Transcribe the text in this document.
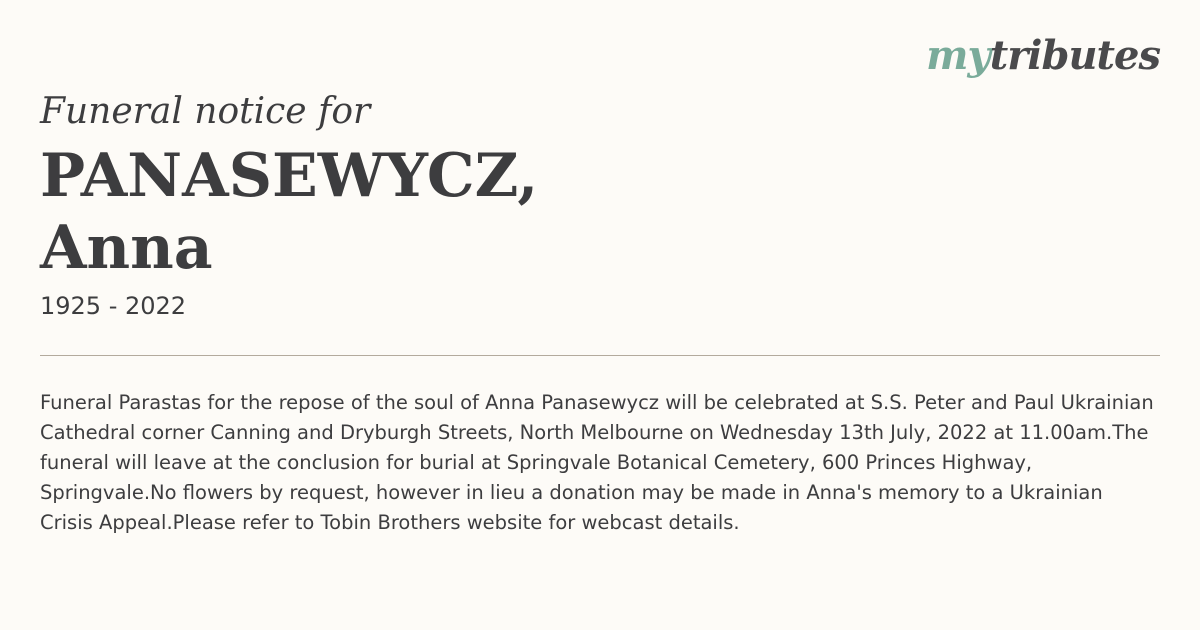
mytributes
Funeral notice for
PANASEWYCZ,
Anna
1925 - 2022
Funeral Parastas for the repose of the soul of Anna Panasewycz will be celebrated at S.S. Peter and Paul Ukrainian Cathedral corner Canning and Dryburgh Streets, North Melbourne on Wednesday 13th July, 2022 at 11.00am.The funeral will leave at the conclusion for burial at Springvale Botanical Cemetery, 600 Princes Highway, Springvale.No flowers by request, however in lieu a donation may be made in Anna's memory to a Ukrainian Crisis Appeal.Please refer to Tobin Brothers website for webcast details.
